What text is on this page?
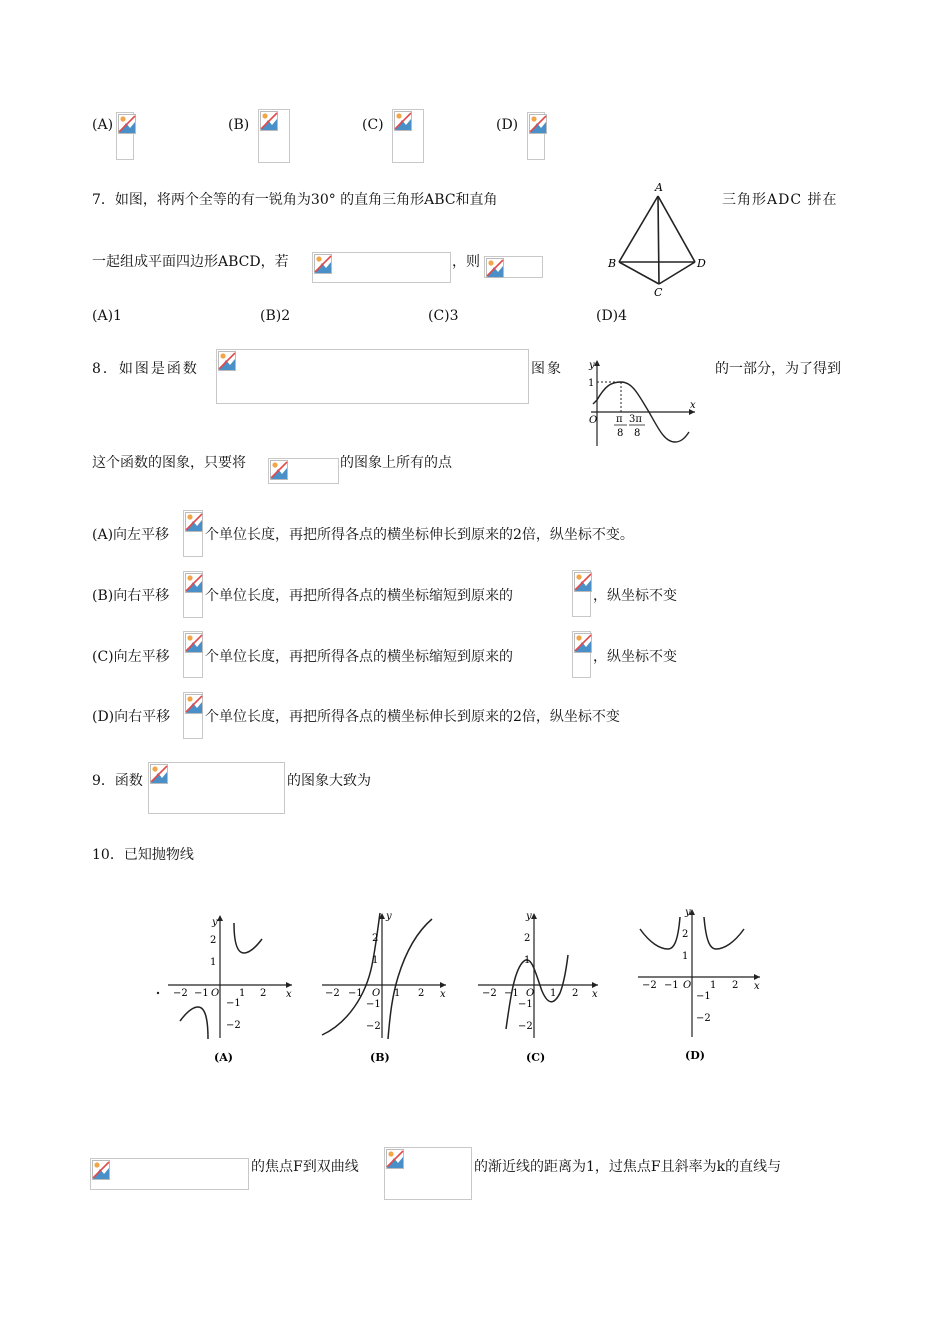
(A)	(B)	(C)	(D)
7．如图，将两个全等的有一锐角为30° 的直角三角形ABC和直角	三角形ADC 拼在
一起组成平面四边形ABCD，若	，则
A
B
C
D
(A)1	(B)2	(C)3	(D)4
8．如图是函数	图象	的一部分，为了得到
y
x
1
O π
8
3π
8
这个函数的图象，只要将	的图象上所有的点
(A)向左平移	个单位长度，再把所得各点的横坐标伸长到原来的2倍，纵坐标不变。
(B)向右平移	个单位长度，再把所得各点的横坐标缩短到原来的	，纵坐标不变
(C)向左平移	个单位长度，再把所得各点的横坐标缩短到原来的	，纵坐标不变
(D)向右平移 个单位长度，再把所得各点的横坐标伸长到原来的2倍，纵坐标不变
9．函数	的图象大致为
10．已知抛物线
y
x
O
−2 −1	1 2
2
1
−1
−2
(A)
y
x
O
−2 −1	1 2
2
1
−1
−2
(B)
y
x
O
−2 −1	1 2
2
1
−1
−2
(C)
y
x
O
−2 −1	1 2
2
1
−1
−2
(D)
的焦点F到双曲线	的渐近线的距离为1，过焦点F且斜率为k的直线与
